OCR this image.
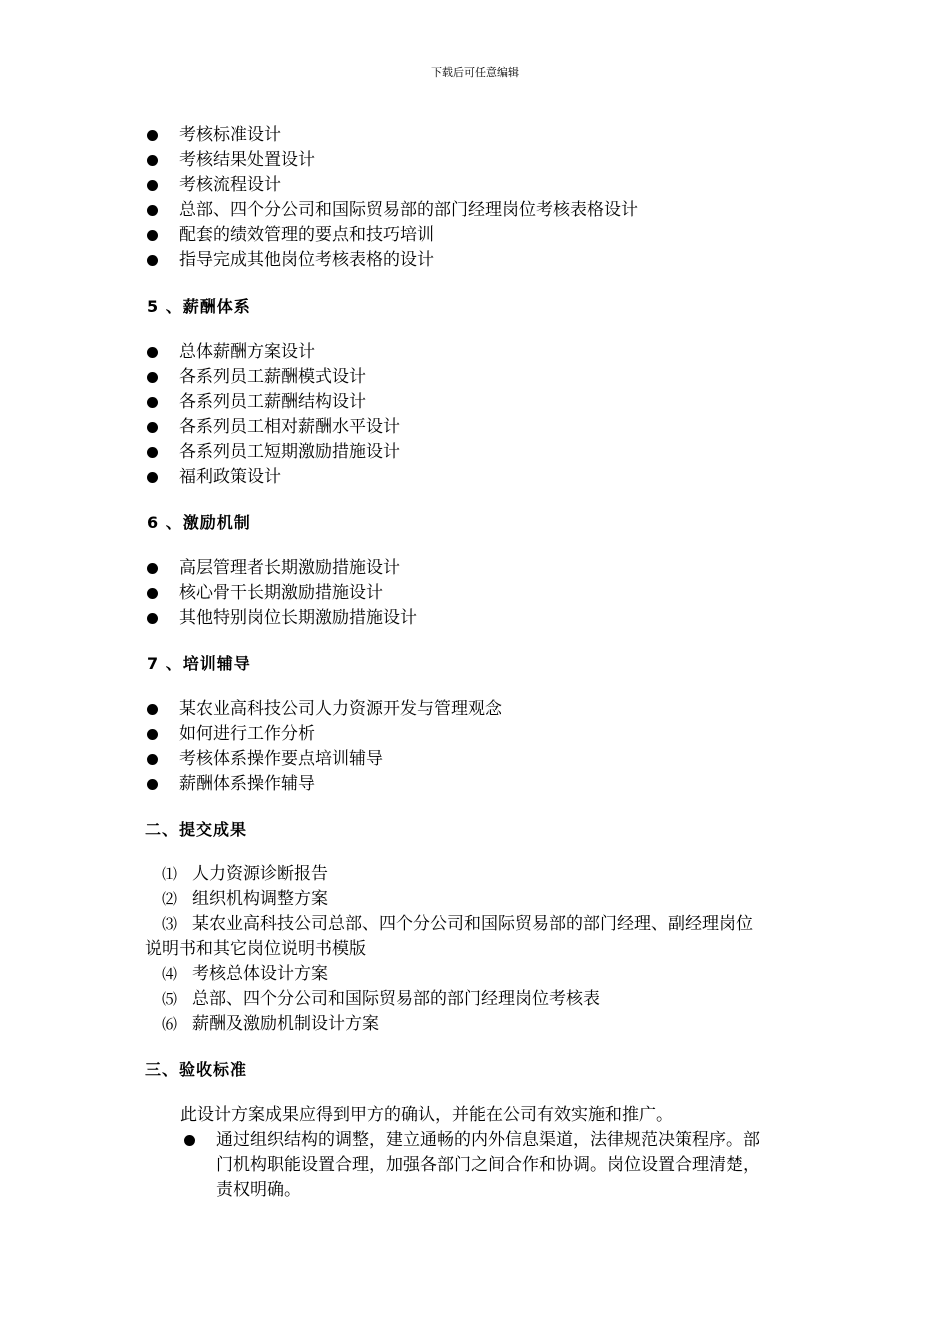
下载后可任意编辑
考核标准设计
考核结果处置设计
考核流程设计
总部、四个分公司和国际贸易部的部门经理岗位考核表格设计
配套的绩效管理的要点和技巧培训
指导完成其他岗位考核表格的设计
5 、薪酬体系
总体薪酬方案设计
各系列员工薪酬模式设计
各系列员工薪酬结构设计
各系列员工相对薪酬水平设计
各系列员工短期激励措施设计
福利政策设计
6 、激励机制
高层管理者长期激励措施设计
核心骨干长期激励措施设计
其他特别岗位长期激励措施设计
7 、培训辅导
某农业高科技公司人力资源开发与管理观念
如何进行工作分析
考核体系操作要点培训辅导
薪酬体系操作辅导
二、提交成果
⑴ 人力资源诊断报告
⑵ 组织机构调整方案
⑶ 某农业高科技公司总部、四个分公司和国际贸易部的部门经理、副经理岗位
说明书和其它岗位说明书模版
⑷ 考核总体设计方案
⑸ 总部、四个分公司和国际贸易部的部门经理岗位考核表
⑹ 薪酬及激励机制设计方案
三、验收标准
此设计方案成果应得到甲方的确认，并能在公司有效实施和推广。
通过组织结构的调整，建立通畅的内外信息渠道，法律规范决策程序。部
门机构职能设置合理，加强各部门之间合作和协调。岗位设置合理清楚，
责权明确。
